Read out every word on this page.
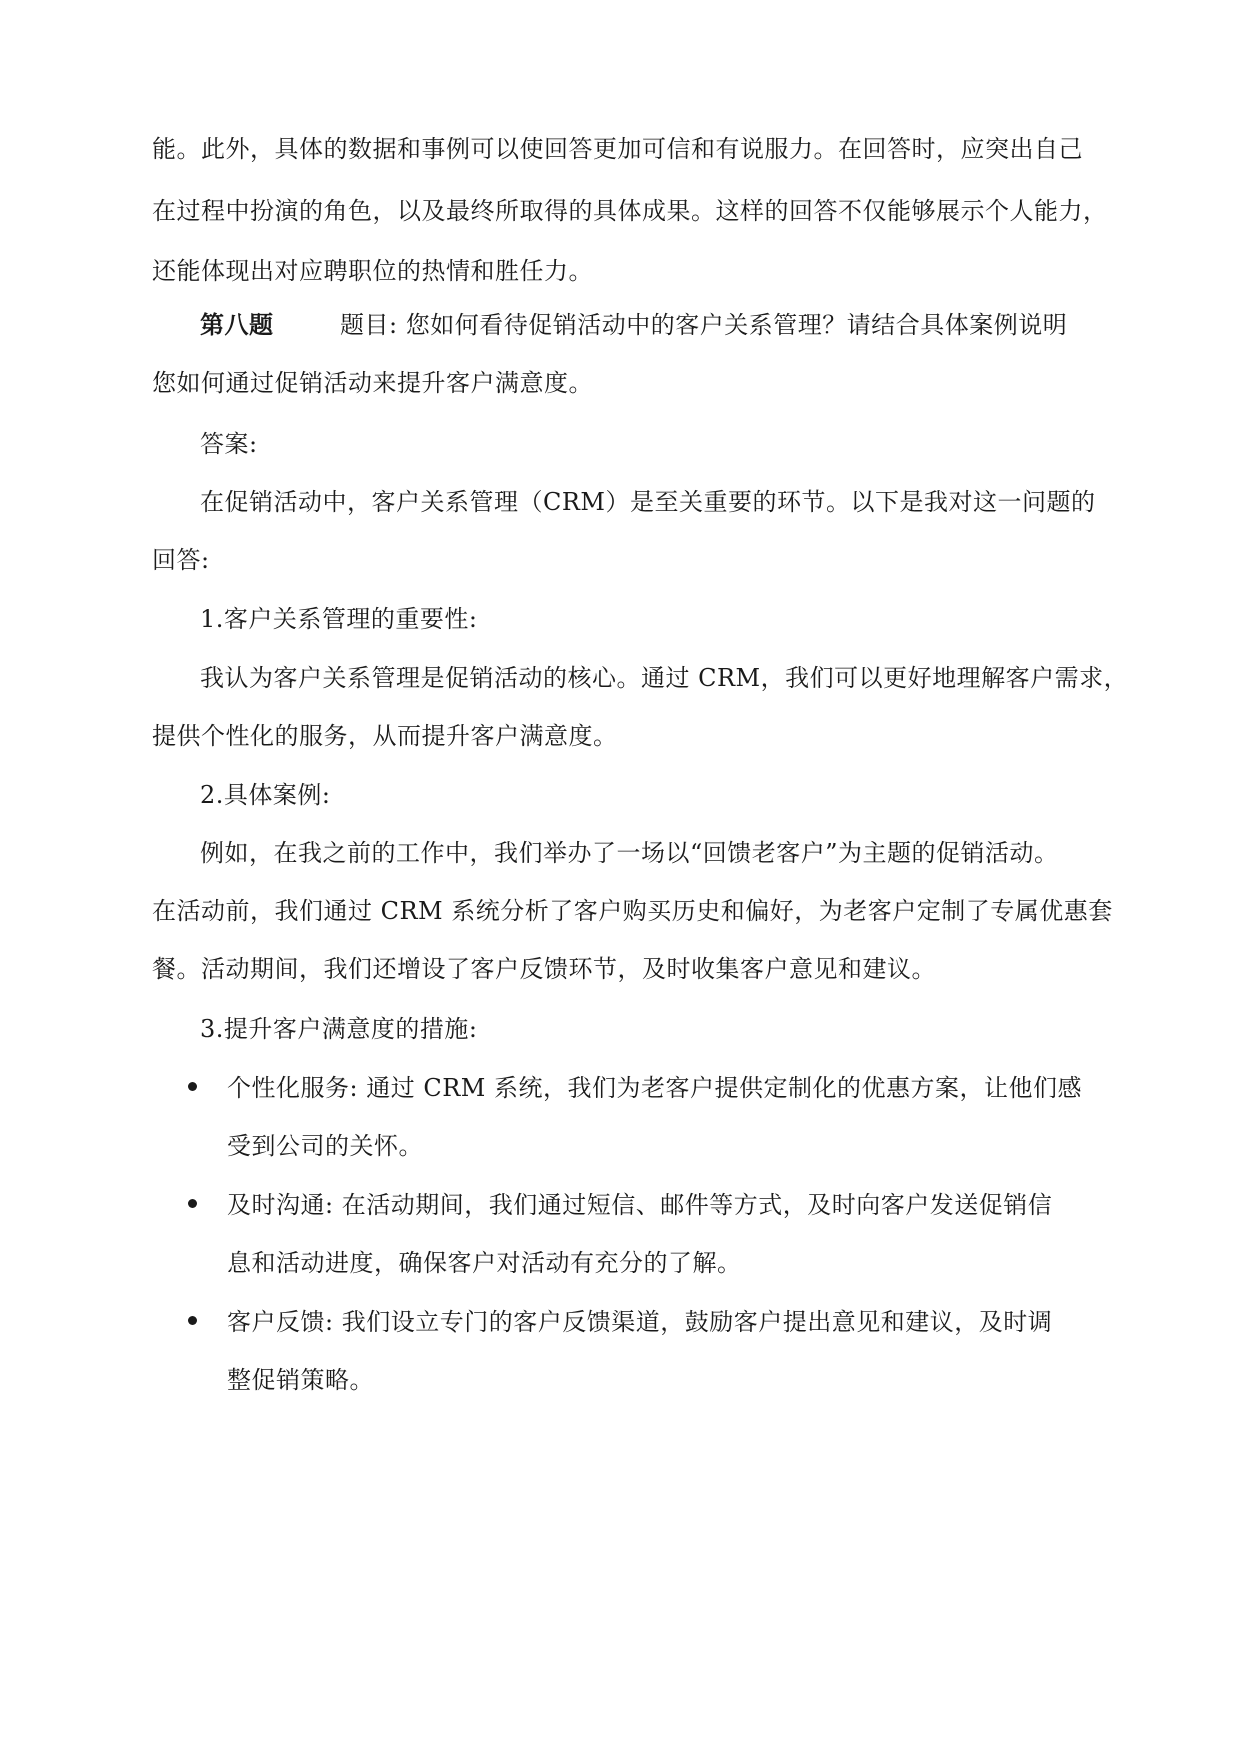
能。此外，具体的数据和事例可以使回答更加可信和有说服力。在回答时，应突出自己
在过程中扮演的角色，以及最终所取得的具体成果。这样的回答不仅能够展示个人能力，
还能体现出对应聘职位的热情和胜任力。
第八题	题目: 您如何看待促销活动中的客户关系管理？请结合具体案例说明
您如何通过促销活动来提升客户满意度。
答案:
在促销活动中，客户关系管理（CRM）是至关重要的环节。以下是我对这一问题的
回答:
1.客户关系管理的重要性:
我认为客户关系管理是促销活动的核心。通过 CRM，我们可以更好地理解客户需求，
提供个性化的服务，从而提升客户满意度。
2.具体案例:
例如，在我之前的工作中，我们举办了一场以“回馈老客户”为主题的促销活动。
在活动前，我们通过 CRM 系统分析了客户购买历史和偏好，为老客户定制了专属优惠套
餐。活动期间，我们还增设了客户反馈环节，及时收集客户意见和建议。
3.提升客户满意度的措施:
个性化服务: 通过 CRM 系统，我们为老客户提供定制化的优惠方案，让他们感
受到公司的关怀。
及时沟通: 在活动期间，我们通过短信、邮件等方式，及时向客户发送促销信
息和活动进度，确保客户对活动有充分的了解。
客户反馈: 我们设立专门的客户反馈渠道，鼓励客户提出意见和建议，及时调
整促销策略。
